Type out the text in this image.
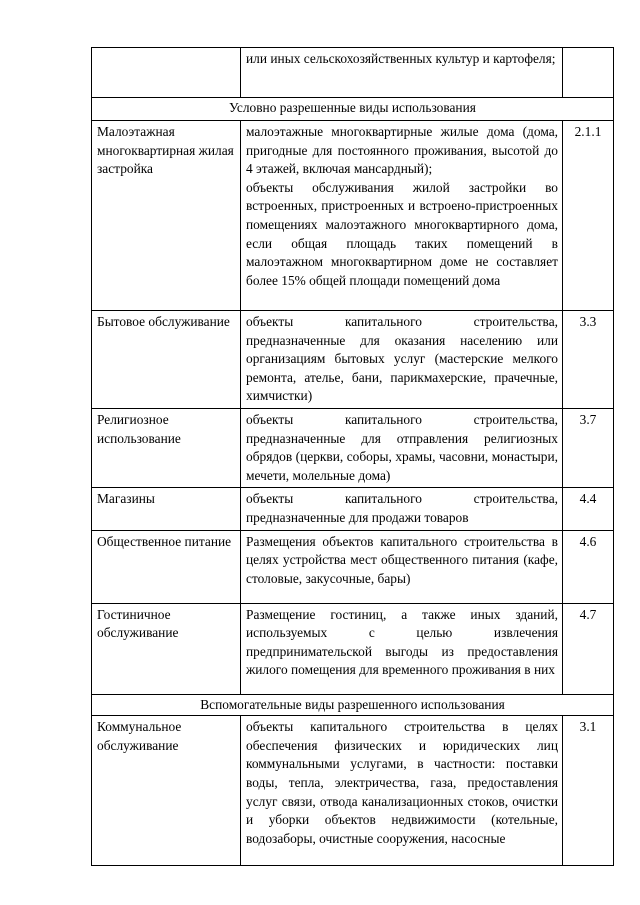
	или иных сельскохозяйственных культур и картофеля;	

Условно разрешенные виды использования		
Малоэтажная многоквартирная жилая застройка	малоэтажные многоквартирные жилые дома (дома, пригодные для постоянного проживания, высотой до 4 этажей, включая мансардный);
объекты обслуживания жилой застройки во встроенных, пристроенных и встроено-пристроенных помещениях малоэтажного многоквартирного дома, если общая площадь таких помещений в малоэтажном многоквартирном доме не составляет более 15% общей площади помещений дома	2.1.1
Бытовое обслуживание	объекты капитального строительства, предназначенные для оказания населению или организациям бытовых услуг (мастерские мелкого ремонта, ателье, бани, парикмахерские, прачечные, химчистки)	3.3
Религиозное использование	объекты капитального строительства, предназначенные для отправления религиозных обрядов (церкви, соборы, храмы, часовни, монастыри, мечети, молельные дома)	3.7
Магазины	объекты капитального строительства, предназначенные для продажи товаров	4.4
Общественное питание	Размещения объектов капитального строительства в целях устройства мест общественного питания (кафе, столовые, закусочные, бары)	4.6
Гостиничное обслуживание	Размещение гостиниц, а также иных зданий, используемых с целью извлечения предпринимательской выгоды из предоставления жилого помещения для временного проживания в них	4.7
Вспомогательные виды разрешенного использования		
Коммунальное обслуживание	объекты капитального строительства в целях обеспечения физических и юридических лиц коммунальными услугами, в частности: поставки воды, тепла, электричества, газа, предоставления услуг связи, отвода канализационных стоков, очистки и уборки объектов недвижимости (котельные, водозаборы, очистные сооружения, насосные	3.1
